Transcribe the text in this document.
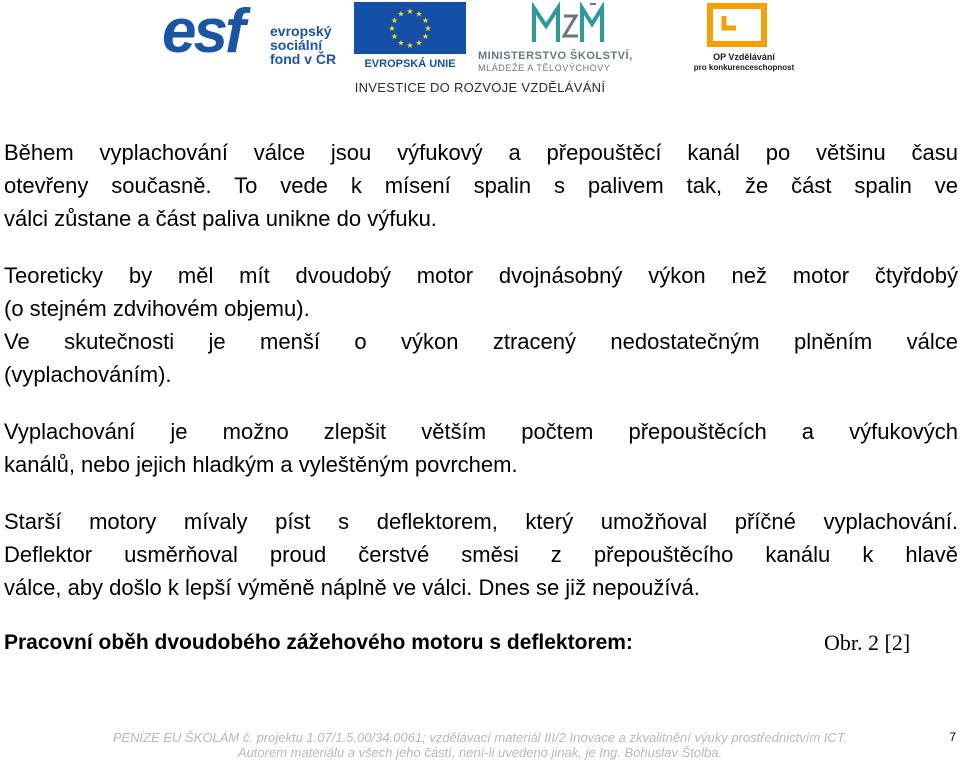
esf evropský
sociální
fond v ČR
★ ★
★
★
★
★
★
★
★
★
★
★
EVROPSKÁ UNIE
MINISTERSTVO ŠKOLSTVÍ,
MLÁDEŽE A TĚLOVÝCHOVY
OP Vzdělávání
pro konkurenceschopnost
INVESTICE DO ROZVOJE VZDĚLÁVÁNÍ

Během vyplachování válce jsou výfukový a přepouštěcí kanál po většinu času
otevřeny současně. To vede k mísení spalin s palivem tak, že část spalin ve
válci zůstane a část paliva unikne do výfuku.

Teoreticky by měl mít dvoudobý motor dvojnásobný výkon než motor čtyřdobý
(o stejném zdvihovém objemu).
Ve skutečnosti je menší o výkon ztracený nedostatečným plněním válce
(vyplachováním).

Vyplachování je možno zlepšit větším počtem přepouštěcích a výfukových
kanálů, nebo jejich hladkým a vyleštěným povrchem.

Starší motory mívaly píst s deflektorem, který umožňoval příčné vyplachování.
Deflektor usměrňoval proud čerstvé směsi z přepouštěcího kanálu k hlavě
válce, aby došlo k lepší výměně náplně ve válci. Dnes se již nepoužívá.

Pracovní oběh dvoudobého zážehového motoru s deflektorem:	Obr. 2 [2]
PENÍZE EU ŠKOLÁM č. projektu 1.07/1.5.00/34.0061; vzdělávací materiál III/2 Inovace a zkvalitnění výuky prostřednictvím ICT.
Autorem materiálu a všech jeho částí, není-li uvedeno jinak, je Ing. Bohuslav Štolba.
7
